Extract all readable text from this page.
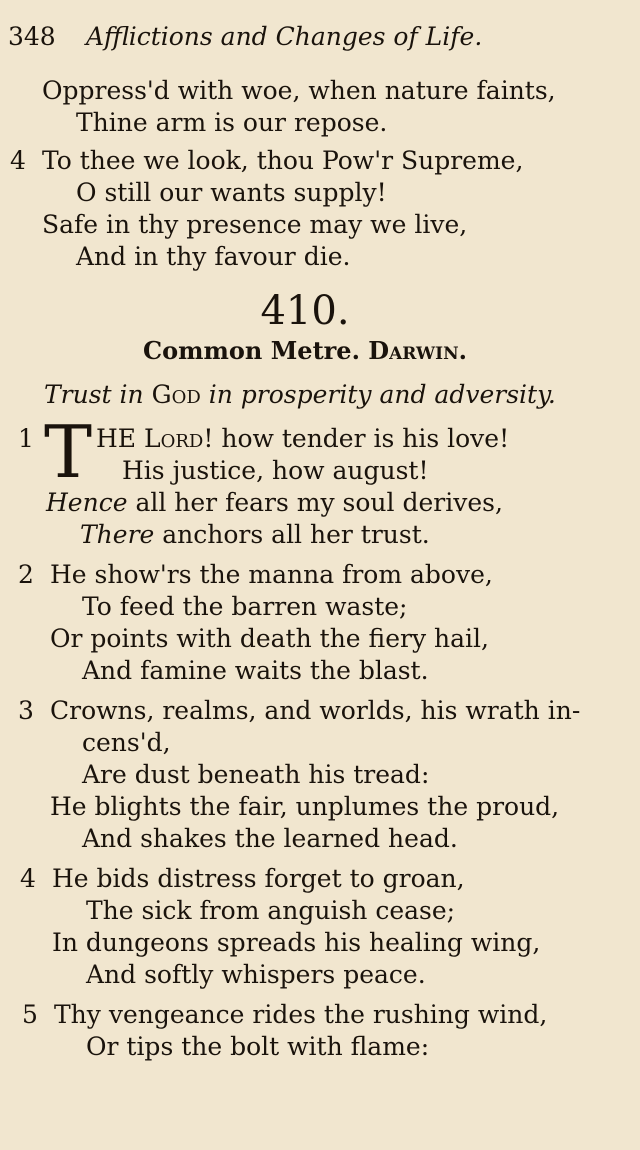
348 Afflictions and Changes of Life.
Oppress'd with woe, when nature faints,
Thine arm is our repose.
4 To thee we look, thou Pow'r Supreme,
O still our wants supply!
Safe in thy presence may we live,
And in thy favour die.
410.
Common Metre. Darwin.
Trust in God in prosperity and adversity.
1 T HE Lord! how tender is his love!
His justice, how august!
Hence all her fears my soul derives,
There anchors all her trust.
2 He show'rs the manna from above,
To feed the barren waste;
Or points with death the fiery hail,
And famine waits the blast.
3 Crowns, realms, and worlds, his wrath in-
cens'd,
Are dust beneath his tread:
He blights the fair, unplumes the proud,
And shakes the learned head.
4 He bids distress forget to groan,
The sick from anguish cease;
In dungeons spreads his healing wing,
And softly whispers peace.
5 Thy vengeance rides the rushing wind,
Or tips the bolt with flame:
